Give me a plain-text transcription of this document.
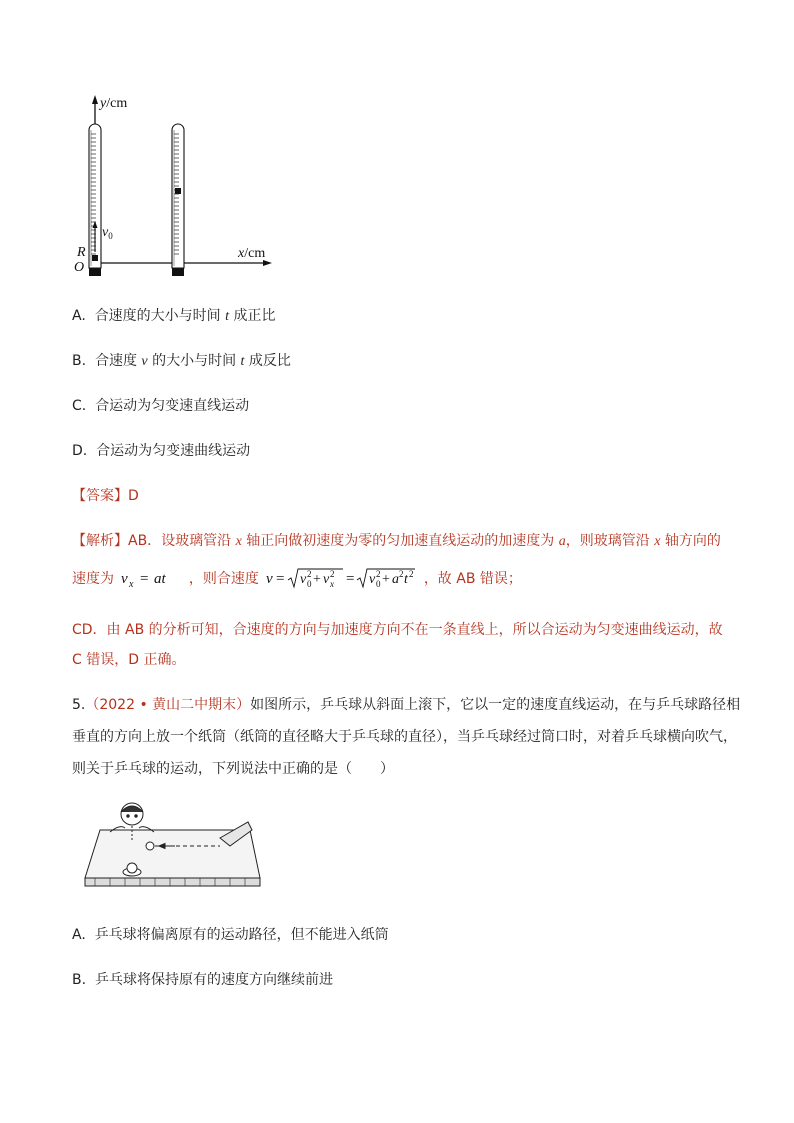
y/cm
x/cm
O
R
$v_0$
A. 合速度的大小与时间 t 成正比
B. 合速度 v 的大小与时间 t 成反比
C. 合运动为匀变速直线运动
D. 合运动为匀变速曲线运动
【答案】D
【解析】AB．设玻璃管沿 x 轴正向做初速度为零的匀加速直线运动的加速度为 a，则玻璃管沿 x 轴方向的
速度为 v x = at ，则合速度 v = v 0
2 + v x
2 = v 0
2 + a 2 t 2 ，故 AB 错误；
CD．由 AB 的分析可知，合速度的方向与加速度方向不在一条直线上，所以合运动为匀变速曲线运动，故
C 错误，D 正确。
5.（2022 • 黄山二中期末）如图所示，乒乓球从斜面上滚下，它以一定的速度直线运动，在与乒乓球路径相
垂直的方向上放一个纸筒（纸筒的直径略大于乒乓球的直径），当乒乓球经过筒口时，对着乒乓球横向吹气，
则关于乒乓球的运动，下列说法中正确的是（　　）
A. 乒乓球将偏离原有的运动路径，但不能进入纸筒
B. 乒乓球将保持原有的速度方向继续前进
